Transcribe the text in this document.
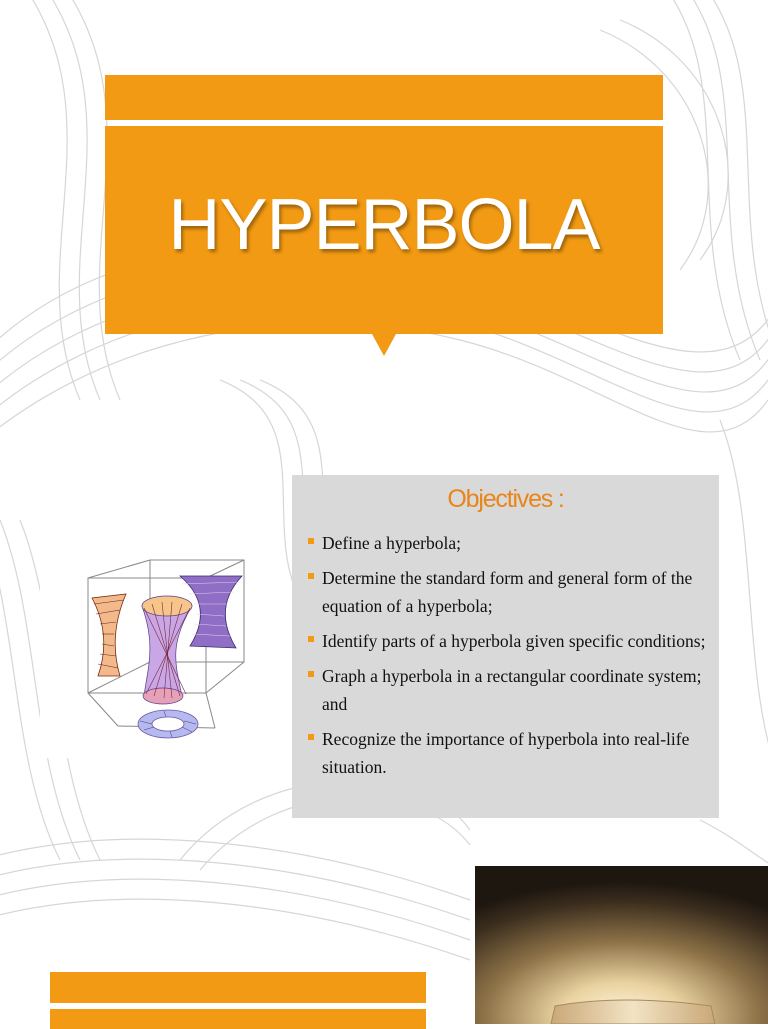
HYPERBOLA
Objectives :
Define a hyperbola;
Determine the standard form and general form of the equation of a hyperbola;
Identify parts of a hyperbola given specific conditions;
Graph a hyperbola in a rectangular coordinate system; and
Recognize the importance of hyperbola into real-life situation.
